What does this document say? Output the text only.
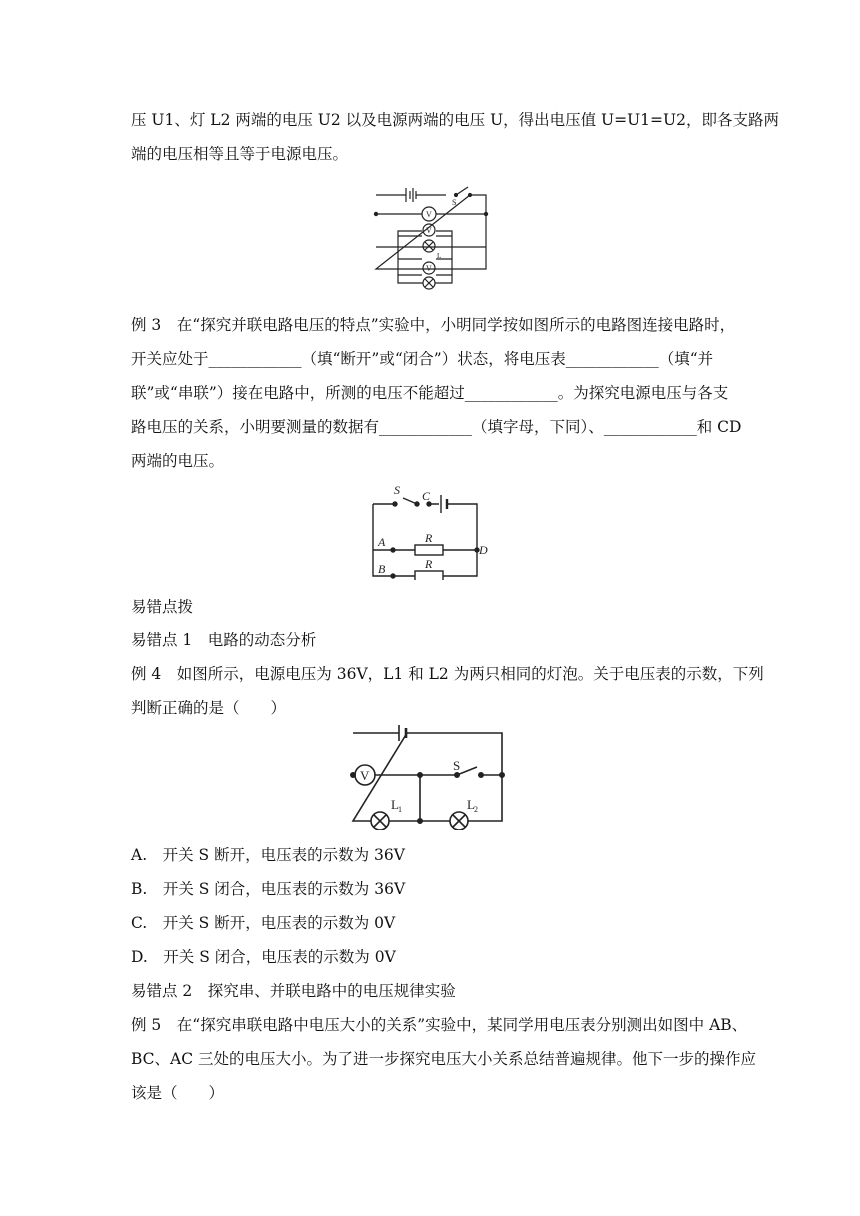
压 U1、灯 L2 两端的电压 U2 以及电源两端的电压 U，得出电压值 U=U1=U2，即各支路两
端的电压相等且等于电源电压。
S
V
V
L
V
例 3　在“探究并联电路电压的特点”实验中，小明同学按如图所示的电路图连接电路时，
开关应处于____________（填“断开”或“闭合”）状态，将电压表____________（填“并
联”或“串联”）接在电路中，所测的电压不能超过____________。为探究电源电压与各支
路电压的关系，小明要测量的数据有____________（填字母，下同）、____________和 CD
两端的电压。
S C
A
B
D
R
R
易错点拨
易错点 1　电路的动态分析
例 4　如图所示，电源电压为 36V，L1 和 L2 为两只相同的灯泡。关于电压表的示数，下列
判断正确的是（　　）
V
S
L 1	L 2
A.　开关 S 断开，电压表的示数为 36V
B.　开关 S 闭合，电压表的示数为 36V
C.　开关 S 断开，电压表的示数为 0V
D.　开关 S 闭合，电压表的示数为 0V
易错点 2　探究串、并联电路中的电压规律实验
例 5　在“探究串联电路中电压大小的关系”实验中，某同学用电压表分别测出如图中 AB、
BC、AC 三处的电压大小。为了进一步探究电压大小关系总结普遍规律。他下一步的操作应
该是（　　）
